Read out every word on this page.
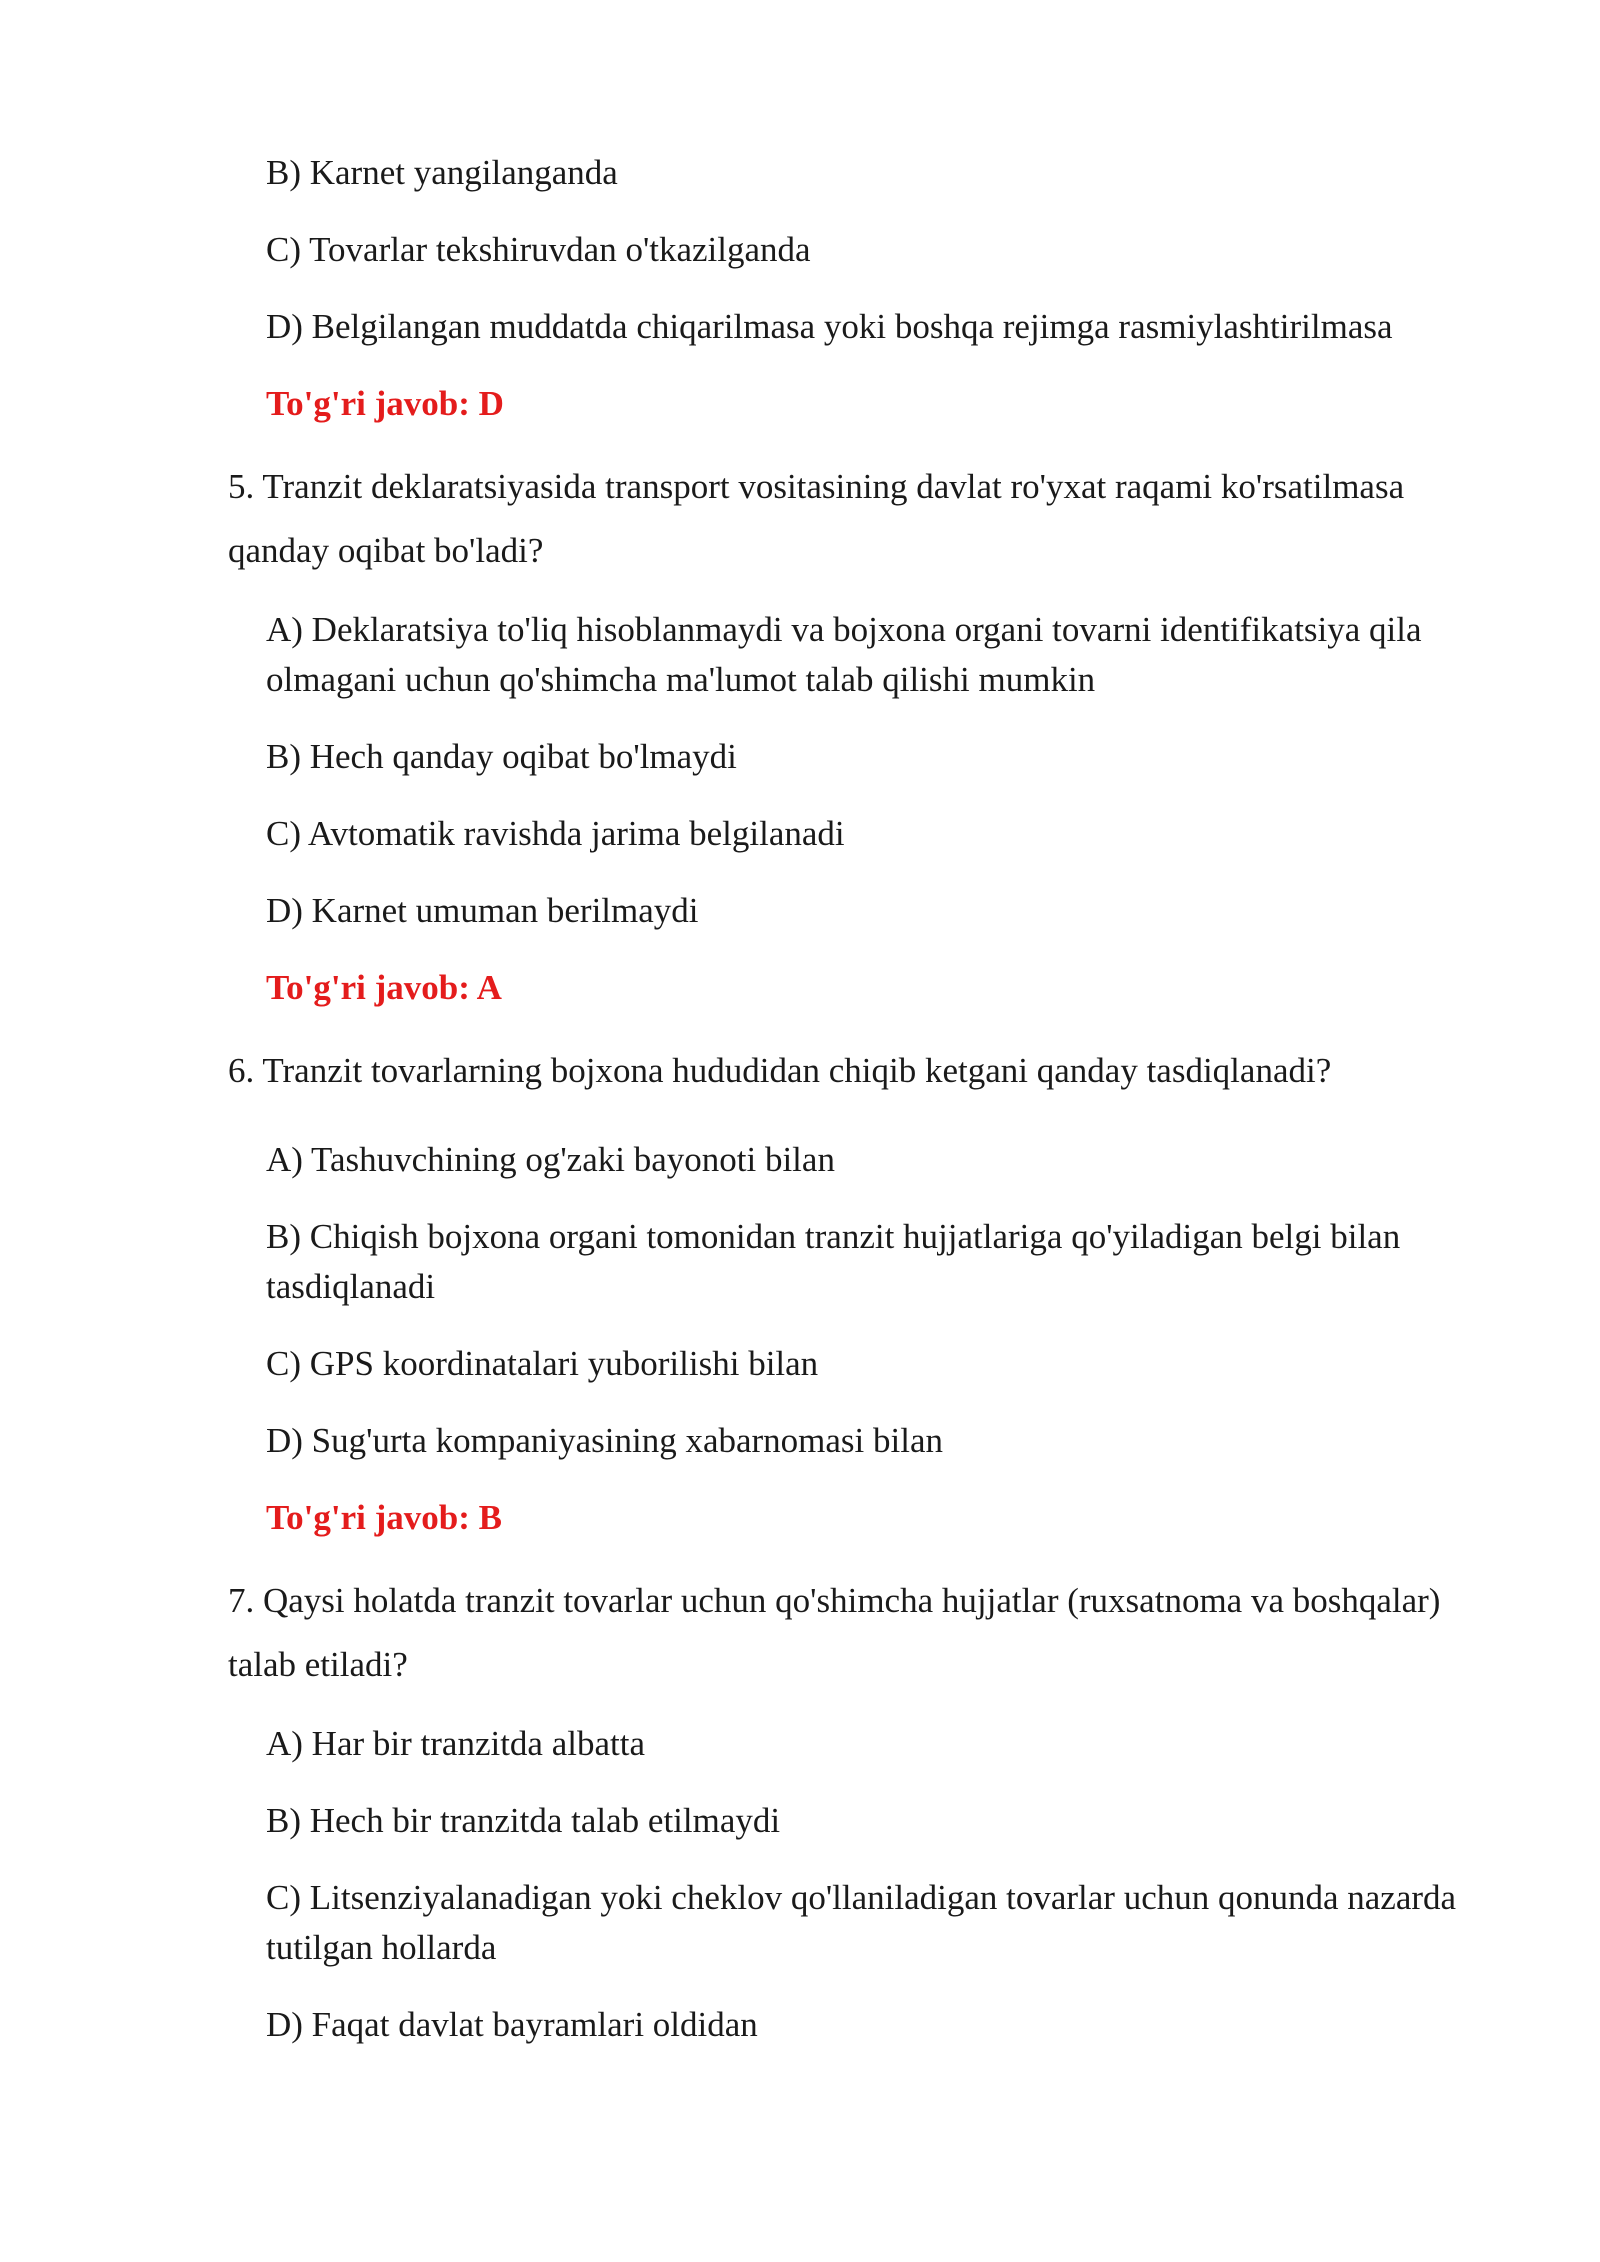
B) Karnet yangilanganda
C) Tovarlar tekshiruvdan o'tkazilganda
D) Belgilangan muddatda chiqarilmasa yoki boshqa rejimga rasmiylashtirilmasa
To'g'ri javob: D
5. Tranzit deklaratsiyasida transport vositasining davlat ro'yxat raqami ko'rsatilmasa qanday oqibat bo'ladi?
A) Deklaratsiya to'liq hisoblanmaydi va bojxona organi tovarni identifikatsiya qila olmagani uchun qo'shimcha ma'lumot talab qilishi mumkin
B) Hech qanday oqibat bo'lmaydi
C) Avtomatik ravishda jarima belgilanadi
D) Karnet umuman berilmaydi
To'g'ri javob: A
6. Tranzit tovarlarning bojxona hududidan chiqib ketgani qanday tasdiqlanadi?
A) Tashuvchining og'zaki bayonoti bilan
B) Chiqish bojxona organi tomonidan tranzit hujjatlariga qo'yiladigan belgi bilan tasdiqlanadi
C) GPS koordinatalari yuborilishi bilan
D) Sug'urta kompaniyasining xabarnomasi bilan
To'g'ri javob: B
7. Qaysi holatda tranzit tovarlar uchun qo'shimcha hujjatlar (ruxsatnoma va boshqalar) talab etiladi?
A) Har bir tranzitda albatta
B) Hech bir tranzitda talab etilmaydi
C) Litsenziyalanadigan yoki cheklov qo'llaniladigan tovarlar uchun qonunda nazarda tutilgan hollarda
D) Faqat davlat bayramlari oldidan
